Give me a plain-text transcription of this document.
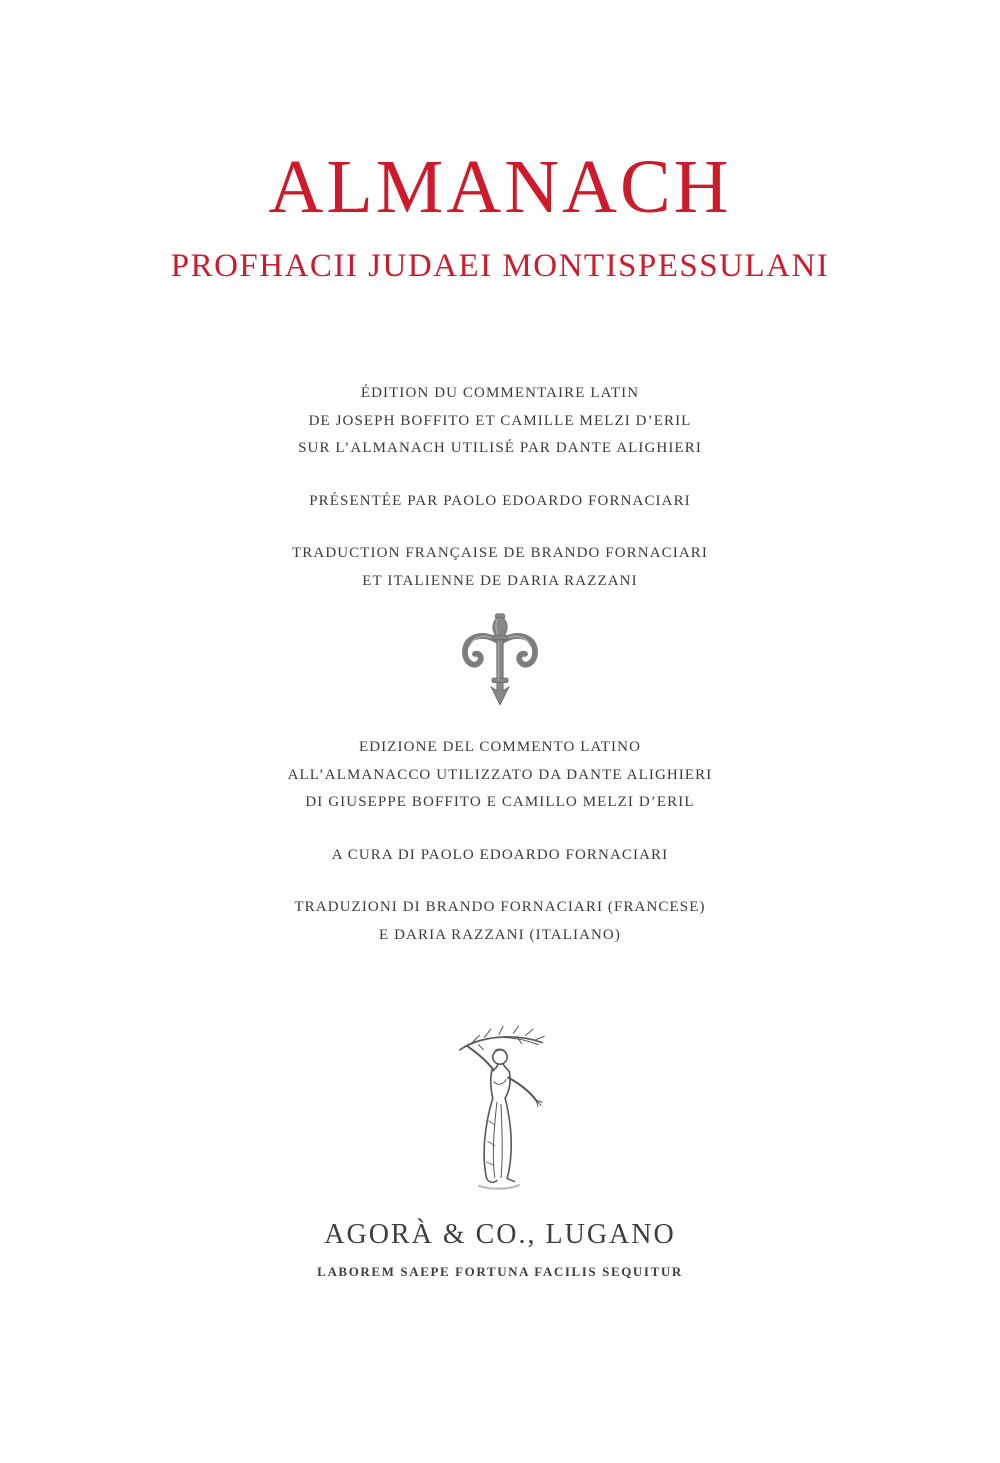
ALMANACH
PROFHACII JUDAEI MONTISPESSULANI
ÉDITION DU COMMENTAIRE LATIN
DE JOSEPH BOFFITO ET CAMILLE MELZI D’ERIL
SUR L’ALMANACH UTILISÉ PAR DANTE ALIGHIERI
PRÉSENTÉE PAR PAOLO EDOARDO FORNACIARI
TRADUCTION FRANÇAISE DE BRANDO FORNACIARI
ET ITALIENNE DE DARIA RAZZANI
EDIZIONE DEL COMMENTO LATINO
ALL’ALMANACCO UTILIZZATO DA DANTE ALIGHIERI
DI GIUSEPPE BOFFITO E CAMILLO MELZI D’ERIL
A CURA DI PAOLO EDOARDO FORNACIARI
TRADUZIONI DI BRANDO FORNACIARI (FRANCESE)
E DARIA RAZZANI (ITALIANO)
AGORÀ & CO., LUGANO
LABOREM SAEPE FORTUNA FACILIS SEQUITUR
